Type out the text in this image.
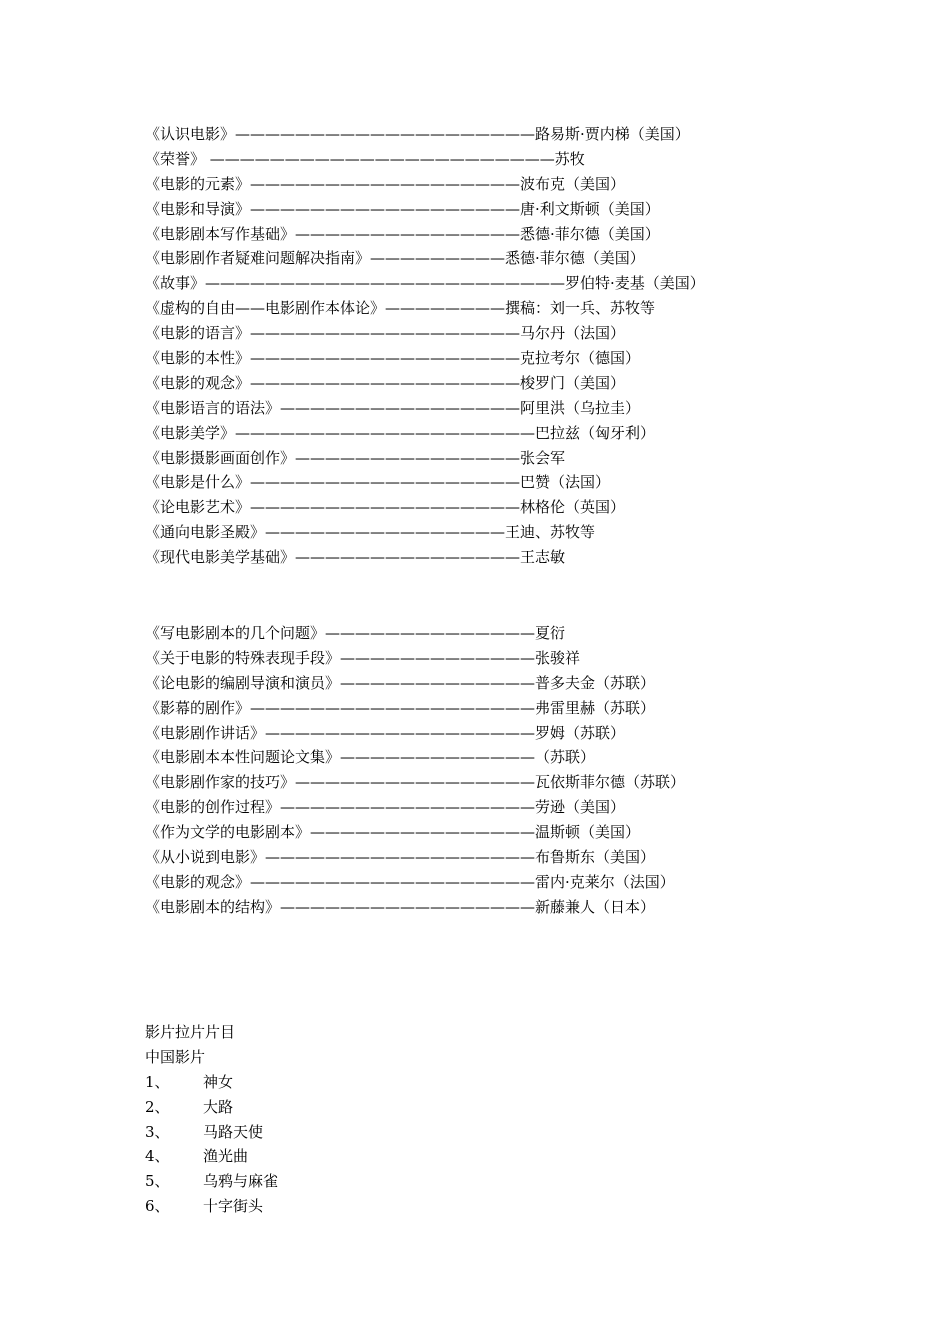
《认识电影》————————————————————路易斯·贾内梯（美国）
《荣誉》 ———————————————————————苏牧
《电影的元素》——————————————————波布克（美国）
《电影和导演》——————————————————唐·利文斯顿（美国）
《电影剧本写作基础》———————————————悉德·菲尔德（美国）
《电影剧作者疑难问题解决指南》—————————悉德·菲尔德（美国）
《故事》————————————————————————罗伯特·麦基（美国）
《虚构的自由——电影剧作本体论》————————撰稿：刘一兵、苏牧等
《电影的语言》——————————————————马尔丹（法国）
《电影的本性》——————————————————克拉考尔（德国）
《电影的观念》——————————————————梭罗门（美国）
《电影语言的语法》————————————————阿里洪（乌拉圭）
《电影美学》————————————————————巴拉兹（匈牙利）
《电影摄影画面创作》———————————————张会军
《电影是什么》——————————————————巴赞（法国）
《论电影艺术》——————————————————林格伦（英国）
《通向电影圣殿》————————————————王迪、苏牧等
《现代电影美学基础》———————————————王志敏
《写电影剧本的几个问题》——————————————夏衍
《关于电影的特殊表现手段》—————————————张骏祥
《论电影的编剧导演和演员》—————————————普多夫金（苏联）
《影幕的剧作》———————————————————弗雷里赫（苏联）
《电影剧作讲话》——————————————————罗姆（苏联）
《电影剧本本性问题论文集》—————————————（苏联）
《电影剧作家的技巧》————————————————瓦依斯菲尔德（苏联）
《电影的创作过程》—————————————————劳逊（美国）
《作为文学的电影剧本》———————————————温斯顿（美国）
《从小说到电影》——————————————————布鲁斯东（美国）
《电影的观念》———————————————————雷内·克莱尔（法国）
《电影剧本的结构》—————————————————新藤兼人（日本）
影片拉片片目
中国影片
1、 神女
2、 大路
3、 马路天使
4、 渔光曲
5、 乌鸦与麻雀
6、 十字街头
